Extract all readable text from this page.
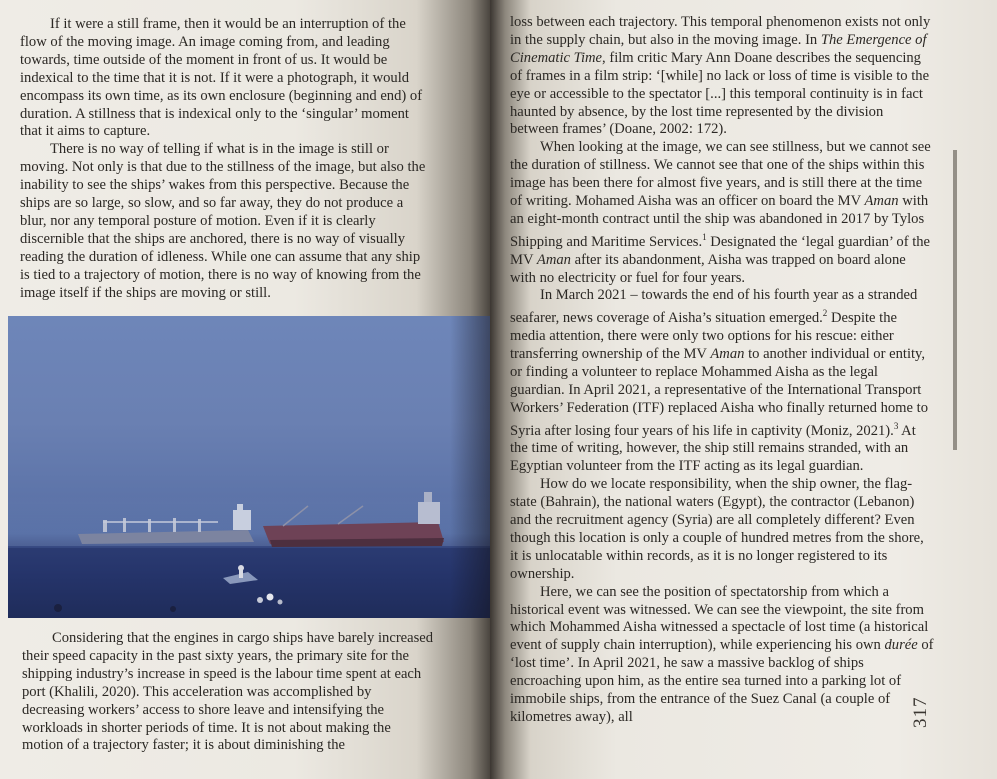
If it were a still frame, then it would be an interruption of the flow of the moving image. An image coming from, and leading towards, time outside of the moment in front of us. It would be indexical to the time that it is not. If it were a photograph, it would encompass its own time, as its own enclosure (beginning and end) of duration. A stillness that is indexical only to the ‘singular’ moment that it aims to capture.

There is no way of telling if what is in the image is still or moving. Not only is that due to the stillness of the image, but also the inability to see the ships’ wakes from this perspective. Because the ships are so large, so slow, and so far away, they do not produce a blur, nor any temporal posture of motion. Even if it is clearly discernible that the ships are anchored, there is no way of visually reading the duration of idleness. While one can assume that any ship is tied to a trajectory of motion, there is no way of knowing from the image itself if the ships are moving or still.

Considering that the engines in cargo ships have barely increased their speed capacity in the past sixty years, the primary site for the shipping industry’s increase in speed is the labour time spent at each port (Khalili, 2020). This acceleration was accomplished by decreasing workers’ access to shore leave and intensifying the workloads in shorter periods of time. It is not about making the motion of a trajectory faster; it is about diminishing the

loss between each trajectory. This temporal phenomenon exists not only in the supply chain, but also in the moving image. In The Emergence of Cinematic Time, film critic Mary Ann Doane describes the sequencing of frames in a film strip: ‘[while] no lack or loss of time is visible to the eye or accessible to the spectator [...] this temporal continuity is in fact haunted by absence, by the lost time represented by the division between frames’ (Doane, 2002: 172).

When looking at the image, we can see stillness, but we cannot see the duration of stillness. We cannot see that one of the ships within this image has been there for almost five years, and is still there at the time of writing. Mohamed Aisha was an officer on board the MV Aman with an eight-month contract until the ship was abandoned in 2017 by Tylos Shipping and Maritime Services.$^1$ Designated the ‘legal guardian’ of the MV Aman after its abandonment, Aisha was trapped on board alone with no electricity or fuel for four years.

In March 2021 – towards the end of his fourth year as a stranded seafarer, news coverage of Aisha’s situation emerged.$^2$ Despite the media attention, there were only two options for his rescue: either transferring ownership of the MV Aman to another individual or entity, or finding a volunteer to replace Mohammed Aisha as the legal guardian. In April 2021, a representative of the International Transport Workers’ Federation (ITF) replaced Aisha who finally returned home to Syria after losing four years of his life in captivity (Moniz, 2021).$^3$ At the time of writing, however, the ship still remains stranded, with an Egyptian volunteer from the ITF acting as its legal guardian.

How do we locate responsibility, when the ship owner, the flag-state (Bahrain), the national waters (Egypt), the contractor (Lebanon) and the recruitment agency (Syria) are all completely different? Even though this location is only a couple of hundred metres from the shore, it is unlocatable within records, as it is no longer registered to its ownership.

Here, we can see the position of spectatorship from which a historical event was witnessed. We can see the viewpoint, the site from which Mohammed Aisha witnessed a spectacle of lost time (a historical event of supply chain interruption), while experiencing his own durée of ‘lost time’. In April 2021, he saw a massive backlog of ships encroaching upon him, as the entire sea turned into a parking lot of immobile ships, from the entrance of the Suez Canal (a couple of kilometres away), all	317
